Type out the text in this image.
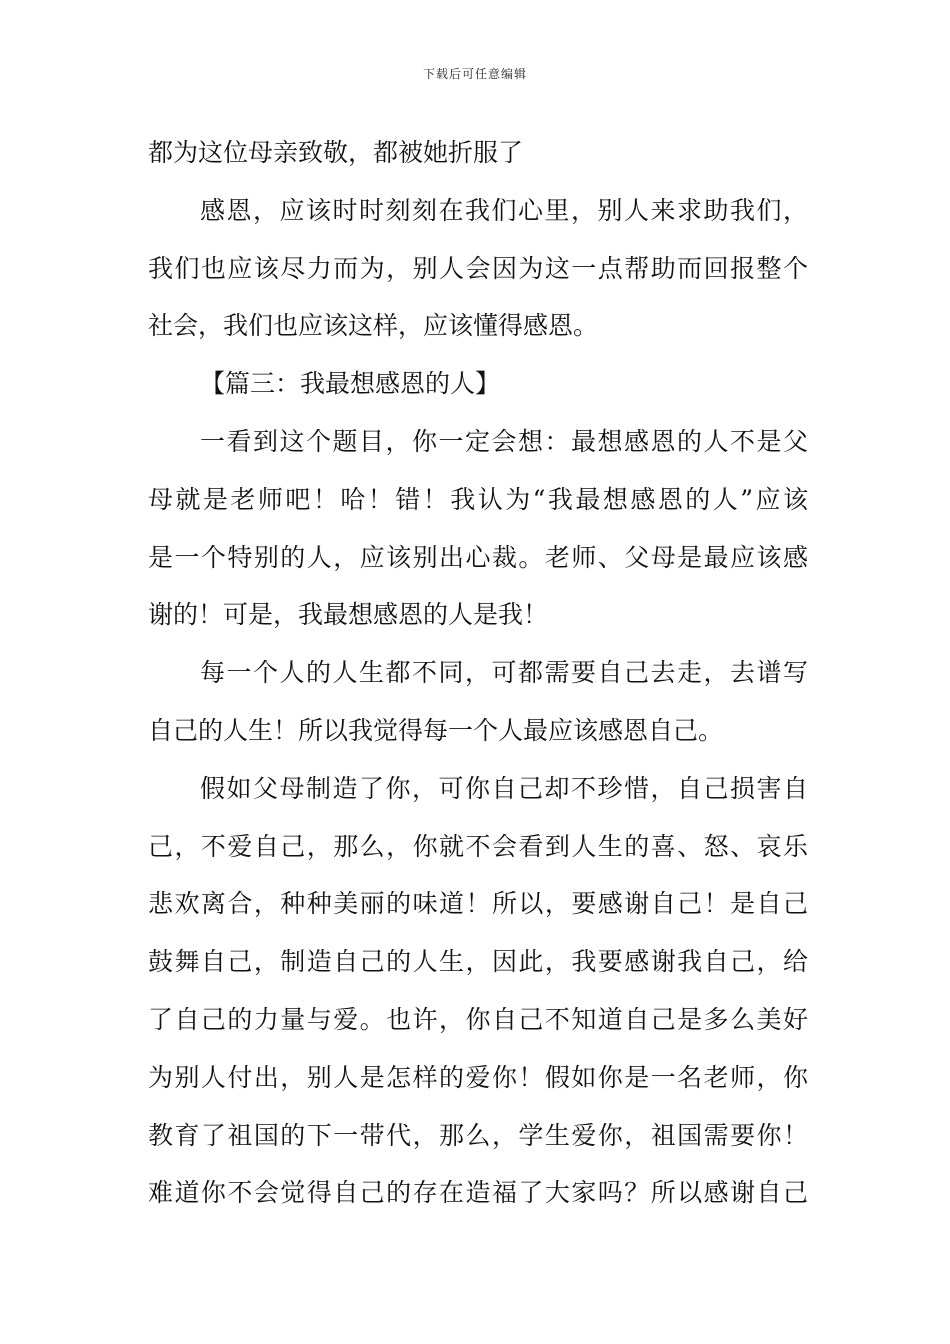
下载后可任意编辑
都为这位母亲致敬，都被她折服了
感恩，应该时时刻刻在我们心里，别人来求助我们，
我们也应该尽力而为，别人会因为这一点帮助而回报整个
社会，我们也应该这样，应该懂得感恩。
【篇三：我最想感恩的人】
一看到这个题目，你一定会想：最想感恩的人不是父
母就是老师吧！哈！错！我认为“我最想感恩的人”应该
是一个特别的人，应该别出心裁。老师、父母是最应该感
谢的！可是，我最想感恩的人是我！
每一个人的人生都不同，可都需要自己去走，去谱写
自己的人生！所以我觉得每一个人最应该感恩自己。
假如父母制造了你，可你自己却不珍惜，自己损害自
己，不爱自己，那么，你就不会看到人生的喜、怒、哀乐
悲欢离合，种种美丽的味道！所以，要感谢自己！是自己
鼓舞自己，制造自己的人生，因此，我要感谢我自己，给
了自己的力量与爱。也许，你自己不知道自己是多么美好
为别人付出，别人是怎样的爱你！假如你是一名老师，你
教育了祖国的下一带代，那么，学生爱你，祖国需要你！
难道你不会觉得自己的存在造福了大家吗？所以感谢自己
